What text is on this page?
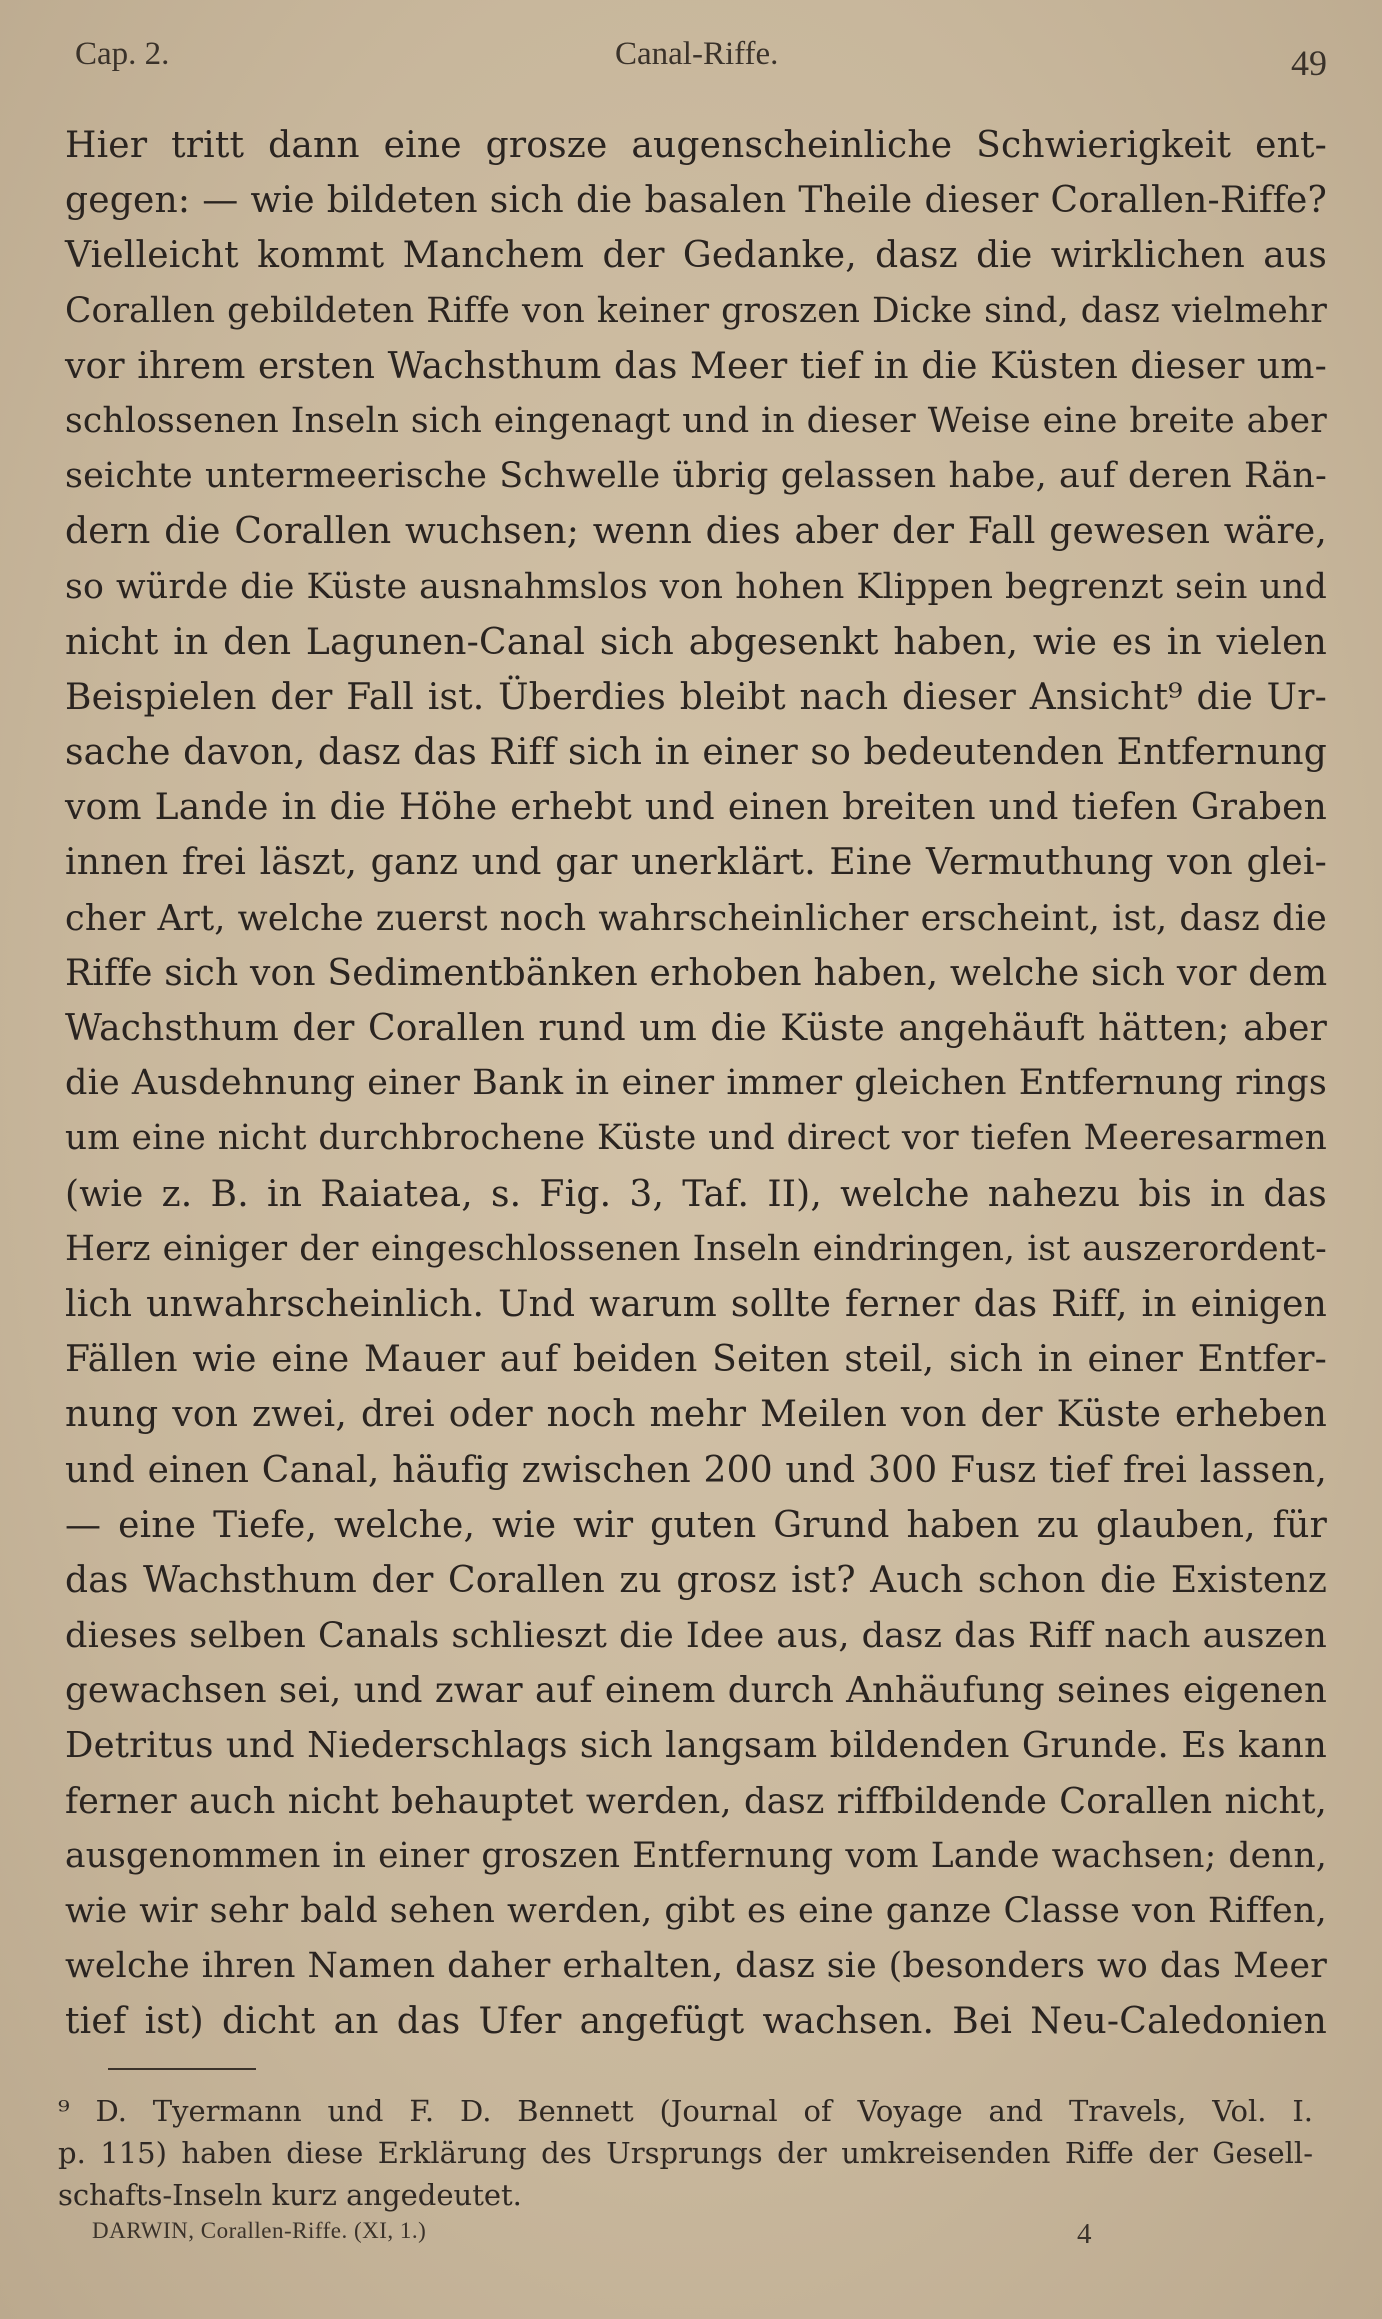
Cap. 2.	Canal-Riffe.	49
Hier tritt dann eine grosze augenscheinliche Schwierigkeit ent-
gegen: — wie bildeten sich die basalen Theile dieser Corallen-Riffe?
Vielleicht kommt Manchem der Gedanke, dasz die wirklichen aus
Corallen gebildeten Riffe von keiner groszen Dicke sind, dasz vielmehr
vor ihrem ersten Wachsthum das Meer tief in die Küsten dieser um-
schlossenen Inseln sich eingenagt und in dieser Weise eine breite aber
seichte untermeerische Schwelle übrig gelassen habe, auf deren Rän-
dern die Corallen wuchsen; wenn dies aber der Fall gewesen wäre,
so würde die Küste ausnahmslos von hohen Klippen begrenzt sein und
nicht in den Lagunen-Canal sich abgesenkt haben, wie es in vielen
Beispielen der Fall ist. Überdies bleibt nach dieser Ansicht⁹ die Ur-
sache davon, dasz das Riff sich in einer so bedeutenden Entfernung
vom Lande in die Höhe erhebt und einen breiten und tiefen Graben
innen frei läszt, ganz und gar unerklärt. Eine Vermuthung von glei-
cher Art, welche zuerst noch wahrscheinlicher erscheint, ist, dasz die
Riffe sich von Sedimentbänken erhoben haben, welche sich vor dem
Wachsthum der Corallen rund um die Küste angehäuft hätten; aber
die Ausdehnung einer Bank in einer immer gleichen Entfernung rings
um eine nicht durchbrochene Küste und direct vor tiefen Meeresarmen
(wie z. B. in Raiatea, s. Fig. 3, Taf. II), welche nahezu bis in das
Herz einiger der eingeschlossenen Inseln eindringen, ist auszerordent-
lich unwahrscheinlich. Und warum sollte ferner das Riff, in einigen
Fällen wie eine Mauer auf beiden Seiten steil, sich in einer Entfer-
nung von zwei, drei oder noch mehr Meilen von der Küste erheben
und einen Canal, häufig zwischen 200 und 300 Fusz tief frei lassen,
— eine Tiefe, welche, wie wir guten Grund haben zu glauben, für
das Wachsthum der Corallen zu grosz ist? Auch schon die Existenz
dieses selben Canals schlieszt die Idee aus, dasz das Riff nach auszen
gewachsen sei, und zwar auf einem durch Anhäufung seines eigenen
Detritus und Niederschlags sich langsam bildenden Grunde. Es kann
ferner auch nicht behauptet werden, dasz riffbildende Corallen nicht,
ausgenommen in einer groszen Entfernung vom Lande wachsen; denn,
wie wir sehr bald sehen werden, gibt es eine ganze Classe von Riffen,
welche ihren Namen daher erhalten, dasz sie (besonders wo das Meer
tief ist) dicht an das Ufer angefügt wachsen. Bei Neu-Caledonien
⁹ D. Tyermann und F. D. Bennett (Journal of Voyage and Travels, Vol. I.
p. 115) haben diese Erklärung des Ursprungs der umkreisenden Riffe der Gesell-
schafts-Inseln kurz angedeutet.
DARWIN, Corallen-Riffe. (XI, 1.)	4
